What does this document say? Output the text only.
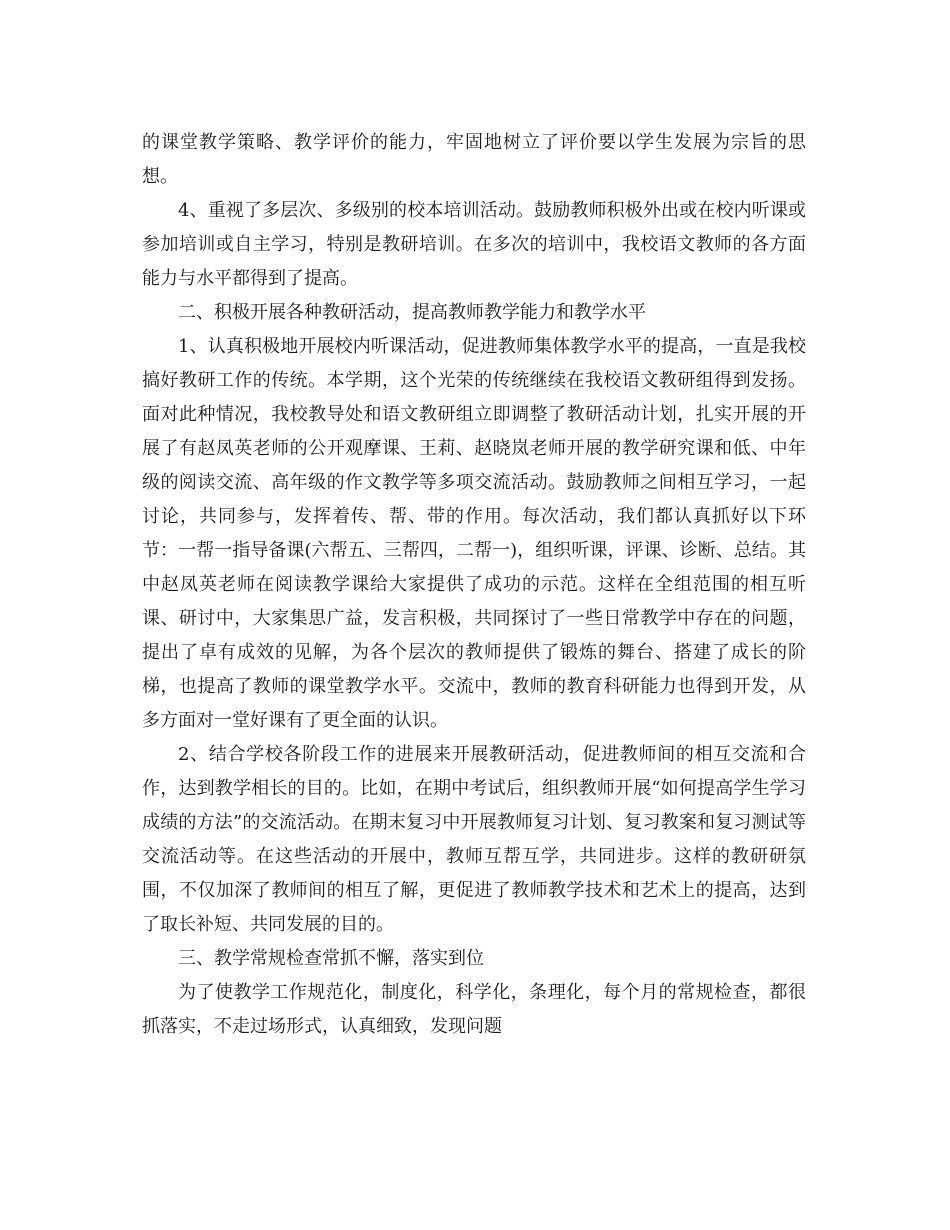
的课堂教学策略、教学评价的能力，牢固地树立了评价要以学生发展为宗旨的思想。

4、重视了多层次、多级别的校本培训活动。鼓励教师积极外出或在校内听课或参加培训或自主学习，特别是教研培训。在多次的培训中，我校语文教师的各方面能力与水平都得到了提高。

二、积极开展各种教研活动，提高教师教学能力和教学水平

1、认真积极地开展校内听课活动，促进教师集体教学水平的提高，一直是我校搞好教研工作的传统。本学期，这个光荣的传统继续在我校语文教研组得到发扬。面对此种情况，我校教导处和语文教研组立即调整了教研活动计划，扎实开展的开展了有赵凤英老师的公开观摩课、王莉、赵晓岚老师开展的教学研究课和低、中年级的阅读交流、高年级的作文教学等多项交流活动。鼓励教师之间相互学习，一起讨论，共同参与，发挥着传、帮、带的作用。每次活动，我们都认真抓好以下环节：一帮一指导备课(六帮五、三帮四，二帮一)，组织听课，评课、诊断、总结。其中赵凤英老师在阅读教学课给大家提供了成功的示范。这样在全组范围的相互听课、研讨中，大家集思广益，发言积极，共同探讨了一些日常教学中存在的问题，提出了卓有成效的见解，为各个层次的教师提供了锻炼的舞台、搭建了成长的阶梯，也提高了教师的课堂教学水平。交流中，教师的教育科研能力也得到开发，从多方面对一堂好课有了更全面的认识。

2、结合学校各阶段工作的进展来开展教研活动，促进教师间的相互交流和合作，达到教学相长的目的。比如，在期中考试后，组织教师开展“如何提高学生学习成绩的方法”的交流活动。在期末复习中开展教师复习计划、复习教案和复习测试等交流活动等。在这些活动的开展中，教师互帮互学，共同进步。这样的教研研氛围，不仅加深了教师间的相互了解，更促进了教师教学技术和艺术上的提高，达到了取长补短、共同发展的目的。

三、教学常规检查常抓不懈，落实到位

为了使教学工作规范化，制度化，科学化，条理化，每个月的常规检查，都很抓落实，不走过场形式，认真细致，发现问题
